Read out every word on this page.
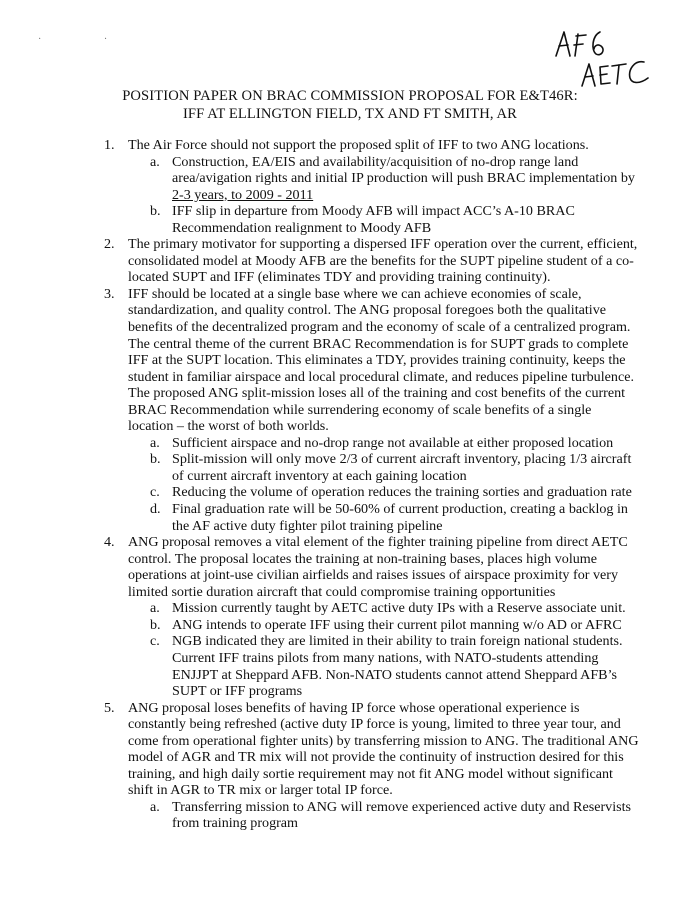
· ·
POSITION PAPER ON BRAC COMMISSION PROPOSAL FOR E&T46R:
IFF AT ELLINGTON FIELD, TX AND FT SMITH, AR
1. The Air Force should not support the proposed split of IFF to two ANG locations.
a. Construction, EA/EIS and availability/acquisition of no-drop range land area/avigation rights and initial IP production will push BRAC implementation by 2-3 years, to 2009 - 2011
b. IFF slip in departure from Moody AFB will impact ACC’s A-10 BRAC Recommendation realignment to Moody AFB
2. The primary motivator for supporting a dispersed IFF operation over the current, efficient, consolidated model at Moody AFB are the benefits for the SUPT pipeline student of a co-located SUPT and IFF (eliminates TDY and providing training continuity).
3. IFF should be located at a single base where we can achieve economies of scale, standardization, and quality control. The ANG proposal foregoes both the qualitative benefits of the decentralized program and the economy of scale of a centralized program. The central theme of the current BRAC Recommendation is for SUPT grads to complete IFF at the SUPT location. This eliminates a TDY, provides training continuity, keeps the student in familiar airspace and local procedural climate, and reduces pipeline turbulence. The proposed ANG split-mission loses all of the training and cost benefits of the current BRAC Recommendation while surrendering economy of scale benefits of a single location – the worst of both worlds.
a. Sufficient airspace and no-drop range not available at either proposed location
b. Split-mission will only move 2/3 of current aircraft inventory, placing 1/3 aircraft of current aircraft inventory at each gaining location
c. Reducing the volume of operation reduces the training sorties and graduation rate
d. Final graduation rate will be 50-60% of current production, creating a backlog in the AF active duty fighter pilot training pipeline
4. ANG proposal removes a vital element of the fighter training pipeline from direct AETC control. The proposal locates the training at non-training bases, places high volume operations at joint-use civilian airfields and raises issues of airspace proximity for very limited sortie duration aircraft that could compromise training opportunities
a. Mission currently taught by AETC active duty IPs with a Reserve associate unit.
b. ANG intends to operate IFF using their current pilot manning w/o AD or AFRC
c. NGB indicated they are limited in their ability to train foreign national students. Current IFF trains pilots from many nations, with NATO-students attending ENJJPT at Sheppard AFB. Non-NATO students cannot attend Sheppard AFB’s SUPT or IFF programs
5. ANG proposal loses benefits of having IP force whose operational experience is constantly being refreshed (active duty IP force is young, limited to three year tour, and come from operational fighter units) by transferring mission to ANG. The traditional ANG model of AGR and TR mix will not provide the continuity of instruction desired for this training, and high daily sortie requirement may not fit ANG model without significant shift in AGR to TR mix or larger total IP force.
a. Transferring mission to ANG will remove experienced active duty and Reservists from training program
